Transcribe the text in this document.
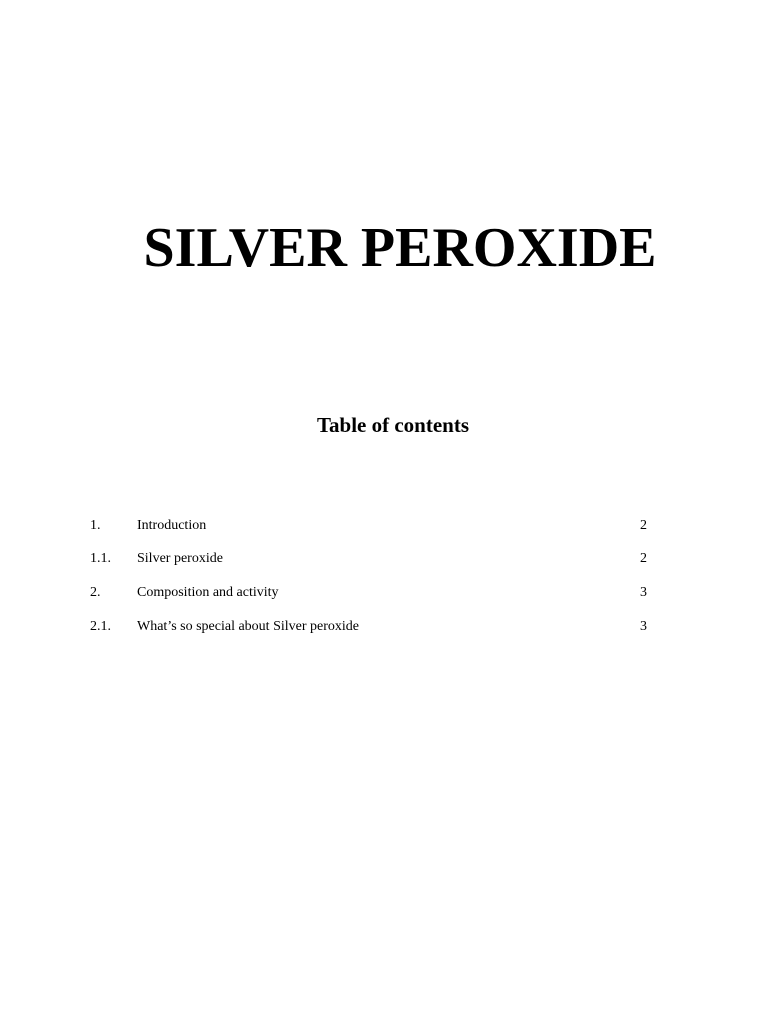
SILVER PEROXIDE
Table of contents
1.	Introduction	2
1.1. Silver peroxide	2
2.	Composition and activity	3
2.1. What’s so special about Silver peroxide	3
